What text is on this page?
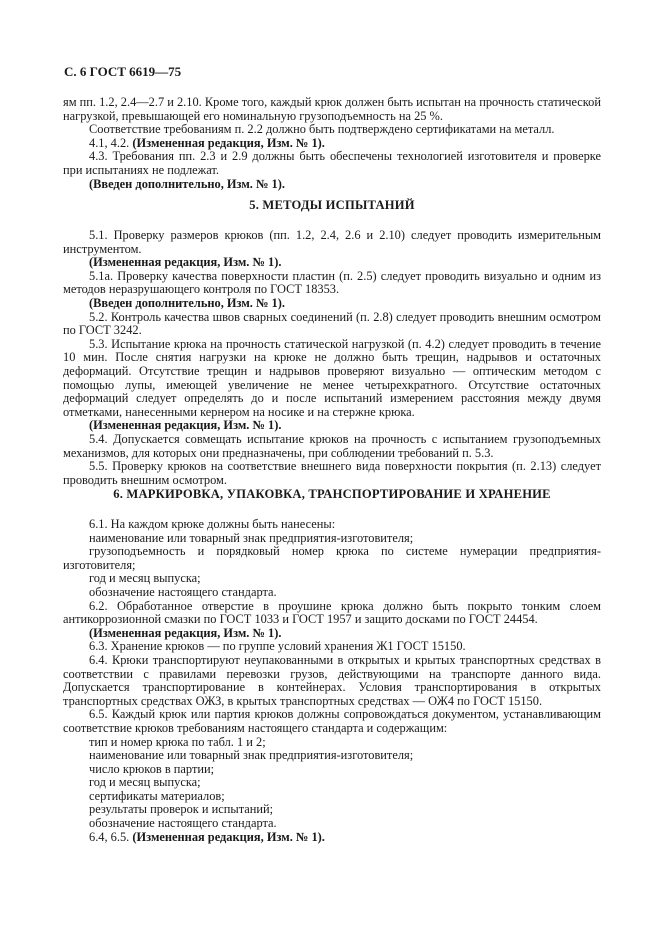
С. 6 ГОСТ 6619—75

ям пп. 1.2, 2.4—2.7 и 2.10. Кроме того, каждый крюк должен быть испытан на прочность статической нагрузкой, превышающей его номинальную грузоподъемность на 25 %.

Соответствие требованиям п. 2.2 должно быть подтверждено сертификатами на металл.

4.1, 4.2. (Измененная редакция, Изм. № 1).

4.3. Требования пп. 2.3 и 2.9 должны быть обеспечены технологией изготовителя и проверке при испытаниях не подлежат.

(Введен дополнительно, Изм. № 1).

5. МЕТОДЫ ИСПЫТАНИЙ

5.1. Проверку размеров крюков (пп. 1.2, 2.4, 2.6 и 2.10) следует проводить измерительным инструментом.

(Измененная редакция, Изм. № 1).

5.1а. Проверку качества поверхности пластин (п. 2.5) следует проводить визуально и одним из методов неразрушающего контроля по ГОСТ 18353.

(Введен дополнительно, Изм. № 1).

5.2. Контроль качества швов сварных соединений (п. 2.8) следует проводить внешним осмотром по ГОСТ 3242.

5.3. Испытание крюка на прочность статической нагрузкой (п. 4.2) следует проводить в течение 10 мин. После снятия нагрузки на крюке не должно быть трещин, надрывов и остаточных деформаций. Отсутствие трещин и надрывов проверяют визуально — оптическим методом с помощью лупы, имеющей увеличение не менее четырехкратного. Отсутствие остаточных деформаций следует определять до и после испытаний измерением расстояния между двумя отметками, нанесенными кернером на носике и на стержне крюка.

(Измененная редакция, Изм. № 1).

5.4. Допускается совмещать испытание крюков на прочность с испытанием грузоподъемных механизмов, для которых они предназначены, при соблюдении требований п. 5.3.

5.5. Проверку крюков на соответствие внешнего вида поверхности покрытия (п. 2.13) следует проводить внешним осмотром.

6. МАРКИРОВКА, УПАКОВКА, ТРАНСПОРТИРОВАНИЕ И ХРАНЕНИЕ

6.1. На каждом крюке должны быть нанесены:

наименование или товарный знак предприятия-изготовителя;

грузоподъемность и порядковый номер крюка по системе нумерации предприятия-изготовителя;

год и месяц выпуска;

обозначение настоящего стандарта.

6.2. Обработанное отверстие в проушине крюка должно быть покрыто тонким слоем антикоррозионной смазки по ГОСТ 1033 и ГОСТ 1957 и защито досками по ГОСТ 24454.

(Измененная редакция, Изм. № 1).

6.3. Хранение крюков — по группе условий хранения Ж1 ГОСТ 15150.

6.4. Крюки транспортируют неупакованными в открытых и крытых транспортных средствах в соответствии с правилами перевозки грузов, действующими на транспорте данного вида. Допускается транспортирование в контейнерах. Условия транспортирования в открытых транспортных средствах ОЖЗ, в крытых транспортных средствах — ОЖ4 по ГОСТ 15150.

6.5. Каждый крюк или партия крюков должны сопровождаться документом, устанавливающим соответствие крюков требованиям настоящего стандарта и содержащим:

тип и номер крюка по табл. 1 и 2;

наименование или товарный знак предприятия-изготовителя;

число крюков в партии;

год и месяц выпуска;

сертификаты материалов;

результаты проверок и испытаний;

обозначение настоящего стандарта.

6.4, 6.5. (Измененная редакция, Изм. № 1).
